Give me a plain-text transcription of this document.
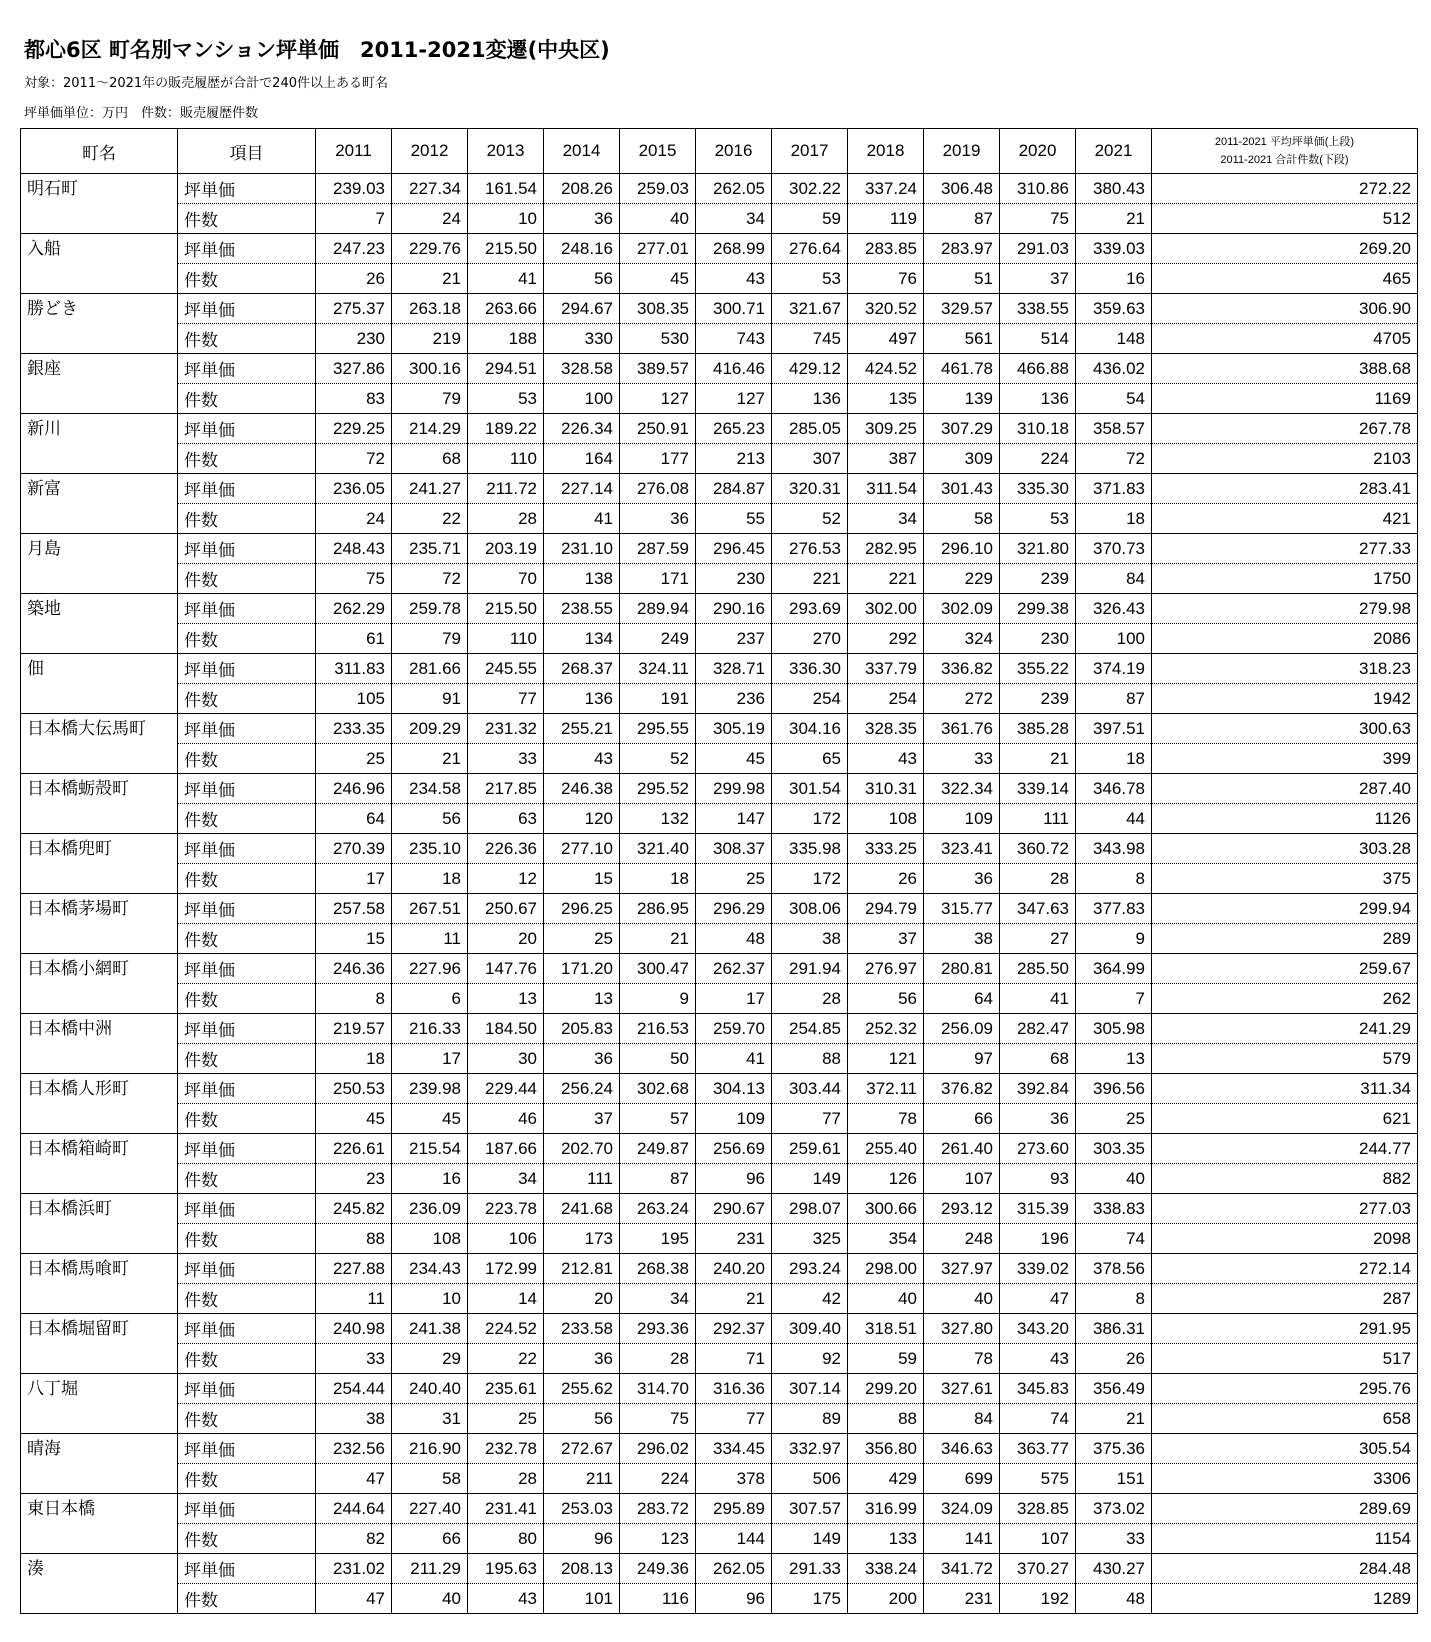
都心6区 町名別マンション坪単価　2011-2021変遷(中央区)
対象：2011～2021年の販売履歴が合計で240件以上ある町名
坪単価単位：万円　件数：販売履歴件数
町名	項目	2011	2012	2013	2014	2015	2016	2017	2018	2019	2020	2021	2011-2021 平均坪単価(上段)
2011-2021 合計件数(下段)

明石町	坪単価	239.03	227.34	161.54	208.26	259.03	262.05	302.22	337.24	306.48	310.86	380.43	272.22
	件数	7	24	10	36	40	34	59	119	87	75	21	512
入船	坪単価	247.23	229.76	215.50	248.16	277.01	268.99	276.64	283.85	283.97	291.03	339.03	269.20
	件数	26	21	41	56	45	43	53	76	51	37	16	465
勝どき	坪単価	275.37	263.18	263.66	294.67	308.35	300.71	321.67	320.52	329.57	338.55	359.63	306.90
	件数	230	219	188	330	530	743	745	497	561	514	148	4705
銀座	坪単価	327.86	300.16	294.51	328.58	389.57	416.46	429.12	424.52	461.78	466.88	436.02	388.68
	件数	83	79	53	100	127	127	136	135	139	136	54	1169
新川	坪単価	229.25	214.29	189.22	226.34	250.91	265.23	285.05	309.25	307.29	310.18	358.57	267.78
	件数	72	68	110	164	177	213	307	387	309	224	72	2103
新富	坪単価	236.05	241.27	211.72	227.14	276.08	284.87	320.31	311.54	301.43	335.30	371.83	283.41
	件数	24	22	28	41	36	55	52	34	58	53	18	421
月島	坪単価	248.43	235.71	203.19	231.10	287.59	296.45	276.53	282.95	296.10	321.80	370.73	277.33
	件数	75	72	70	138	171	230	221	221	229	239	84	1750
築地	坪単価	262.29	259.78	215.50	238.55	289.94	290.16	293.69	302.00	302.09	299.38	326.43	279.98
	件数	61	79	110	134	249	237	270	292	324	230	100	2086
佃	坪単価	311.83	281.66	245.55	268.37	324.11	328.71	336.30	337.79	336.82	355.22	374.19	318.23
	件数	105	91	77	136	191	236	254	254	272	239	87	1942
日本橋大伝馬町	坪単価	233.35	209.29	231.32	255.21	295.55	305.19	304.16	328.35	361.76	385.28	397.51	300.63
	件数	25	21	33	43	52	45	65	43	33	21	18	399
日本橋蛎殻町	坪単価	246.96	234.58	217.85	246.38	295.52	299.98	301.54	310.31	322.34	339.14	346.78	287.40
	件数	64	56	63	120	132	147	172	108	109	111	44	1126
日本橋兜町	坪単価	270.39	235.10	226.36	277.10	321.40	308.37	335.98	333.25	323.41	360.72	343.98	303.28
	件数	17	18	12	15	18	25	172	26	36	28	8	375
日本橋茅場町	坪単価	257.58	267.51	250.67	296.25	286.95	296.29	308.06	294.79	315.77	347.63	377.83	299.94
	件数	15	11	20	25	21	48	38	37	38	27	9	289
日本橋小網町	坪単価	246.36	227.96	147.76	171.20	300.47	262.37	291.94	276.97	280.81	285.50	364.99	259.67
	件数	8	6	13	13	9	17	28	56	64	41	7	262
日本橋中洲	坪単価	219.57	216.33	184.50	205.83	216.53	259.70	254.85	252.32	256.09	282.47	305.98	241.29
	件数	18	17	30	36	50	41	88	121	97	68	13	579
日本橋人形町	坪単価	250.53	239.98	229.44	256.24	302.68	304.13	303.44	372.11	376.82	392.84	396.56	311.34
	件数	45	45	46	37	57	109	77	78	66	36	25	621
日本橋箱崎町	坪単価	226.61	215.54	187.66	202.70	249.87	256.69	259.61	255.40	261.40	273.60	303.35	244.77
	件数	23	16	34	111	87	96	149	126	107	93	40	882
日本橋浜町	坪単価	245.82	236.09	223.78	241.68	263.24	290.67	298.07	300.66	293.12	315.39	338.83	277.03
	件数	88	108	106	173	195	231	325	354	248	196	74	2098
日本橋馬喰町	坪単価	227.88	234.43	172.99	212.81	268.38	240.20	293.24	298.00	327.97	339.02	378.56	272.14
	件数	11	10	14	20	34	21	42	40	40	47	8	287
日本橋堀留町	坪単価	240.98	241.38	224.52	233.58	293.36	292.37	309.40	318.51	327.80	343.20	386.31	291.95
	件数	33	29	22	36	28	71	92	59	78	43	26	517
八丁堀	坪単価	254.44	240.40	235.61	255.62	314.70	316.36	307.14	299.20	327.61	345.83	356.49	295.76
	件数	38	31	25	56	75	77	89	88	84	74	21	658
晴海	坪単価	232.56	216.90	232.78	272.67	296.02	334.45	332.97	356.80	346.63	363.77	375.36	305.54
	件数	47	58	28	211	224	378	506	429	699	575	151	3306
東日本橋	坪単価	244.64	227.40	231.41	253.03	283.72	295.89	307.57	316.99	324.09	328.85	373.02	289.69
	件数	82	66	80	96	123	144	149	133	141	107	33	1154
湊	坪単価	231.02	211.29	195.63	208.13	249.36	262.05	291.33	338.24	341.72	370.27	430.27	284.48
	件数	47	40	43	101	116	96	175	200	231	192	48	1289
